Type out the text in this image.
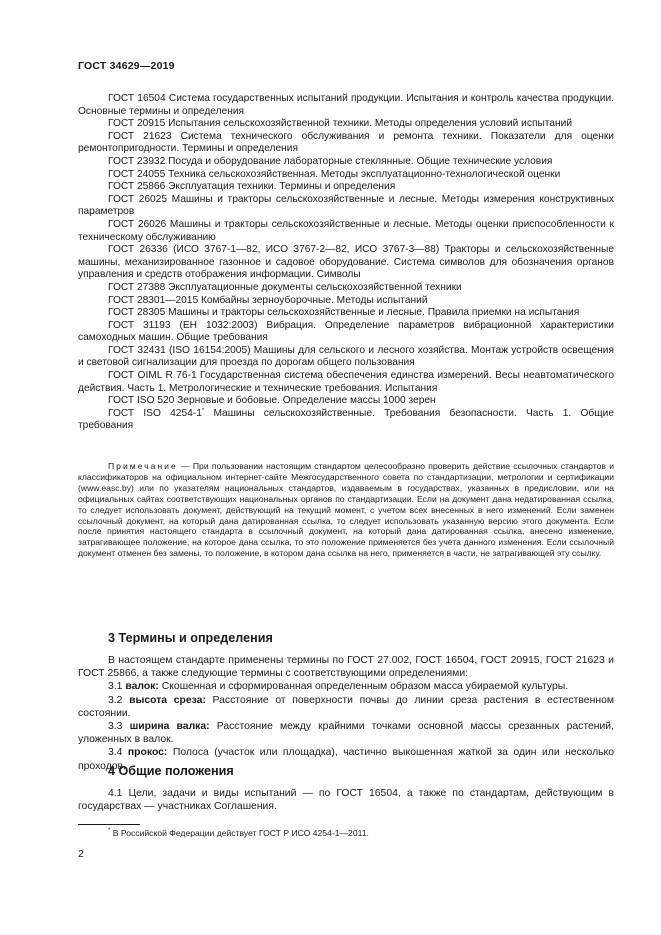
ГОСТ 34629—2019

ГОСТ 16504 Система государственных испытаний продукции. Испытания и контроль качества продукции. Основные термины и определения

ГОСТ 20915 Испытания сельскохозяйственной техники. Методы определения условий испытаний

ГОСТ 21623 Система технического обслуживания и ремонта техники. Показатели для оценки ремонтопригодности. Термины и определения

ГОСТ 23932 Посуда и оборудование лабораторные стеклянные. Общие технические условия

ГОСТ 24055 Техника сельскохозяйственная. Методы эксплуатационно-технологической оценки

ГОСТ 25866 Эксплуатация техники. Термины и определения

ГОСТ 26025 Машины и тракторы сельскохозяйственные и лесные. Методы измерения конструктивных параметров

ГОСТ 26026 Машины и тракторы сельскохозяйственные и лесные. Методы оценки приспособленности к техническому обслуживанию

ГОСТ 26336 (ИСО 3767-1—82, ИСО 3767-2—82, ИСО 3767-3—88) Тракторы и сельскохозяйственные машины, механизированное газонное и садовое оборудование. Система символов для обозначения органов управления и средств отображения информации. Символы

ГОСТ 27388 Эксплуатационные документы сельскохозяйственной техники

ГОСТ 28301—2015 Комбайны зерноуборочные. Методы испытаний

ГОСТ 28305 Машины и тракторы сельскохозяйственные и лесные. Правила приемки на испытания

ГОСТ 31193 (ЕН 1032:2003) Вибрация. Определение параметров вибрационной характеристики самоходных машин. Общие требования

ГОСТ 32431 (ISO 16154:2005) Машины для сельского и лесного хозяйства. Монтаж устройств освещения и световой сигнализации для проезда по дорогам общего пользования

ГОСТ OIML R 76-1 Государственная система обеспечения единства измерений. Весы неавтоматического действия. Часть 1. Метрологические и технические требования. Испытания

ГОСТ ISO 520 Зерновые и бобовые. Определение массы 1000 зерен

ГОСТ ISO 4254-1* Машины сельскохозяйственные. Требования безопасности. Часть 1. Общие требования

Примечание — При пользовании настоящим стандартом целесообразно проверить действие ссылочных стандартов и классификаторов на официальном интернет-сайте Межгосударственного совета по стандартизации, метрологии и сертификации (www.easc.by) или по указателям национальных стандартов, издаваемым в государствах, указанных в предисловии, или на официальных сайтах соответствующих национальных органов по стандартизации. Если на документ дана недатированная ссылка, то следует использовать документ, действующий на текущий момент, с учетом всех внесенных в него изменений. Если заменен ссылочный документ, на который дана датированная ссылка, то следует использовать указанную версию этого документа. Если после принятия настоящего стандарта в ссылочный документ, на который дана датированная ссылка, внесено изменение, затрагивающее положение, на которое дана ссылка, то это положение применяется без учета данного изменения. Если ссылочный документ отменен без замены, то положение, в котором дана ссылка на него, применяется в части, не затрагивающей эту ссылку.

3 Термины и определения

В настоящем стандарте применены термины по ГОСТ 27.002, ГОСТ 16504, ГОСТ 20915, ГОСТ 21623 и ГОСТ 25866, а также следующие термины с соответствующими определениями:

3.1 валок: Скошенная и сформированная определенным образом масса убираемой культуры.

3.2 высота среза: Расстояние от поверхности почвы до линии среза растения в естественном состоянии.

3.3 ширина валка: Расстояние между крайними точками основной массы срезанных растений, уложенных в валок.

3.4 прокос: Полоса (участок или площадка), частично выкошенная жаткой за один или несколько проходов.

4 Общие положения

4.1 Цели, задачи и виды испытаний — по ГОСТ 16504, а также по стандартам, действующим в государствах — участниках Соглашения.

* В Российской Федерации действует ГОСТ Р ИСО 4254-1—2011.
2
